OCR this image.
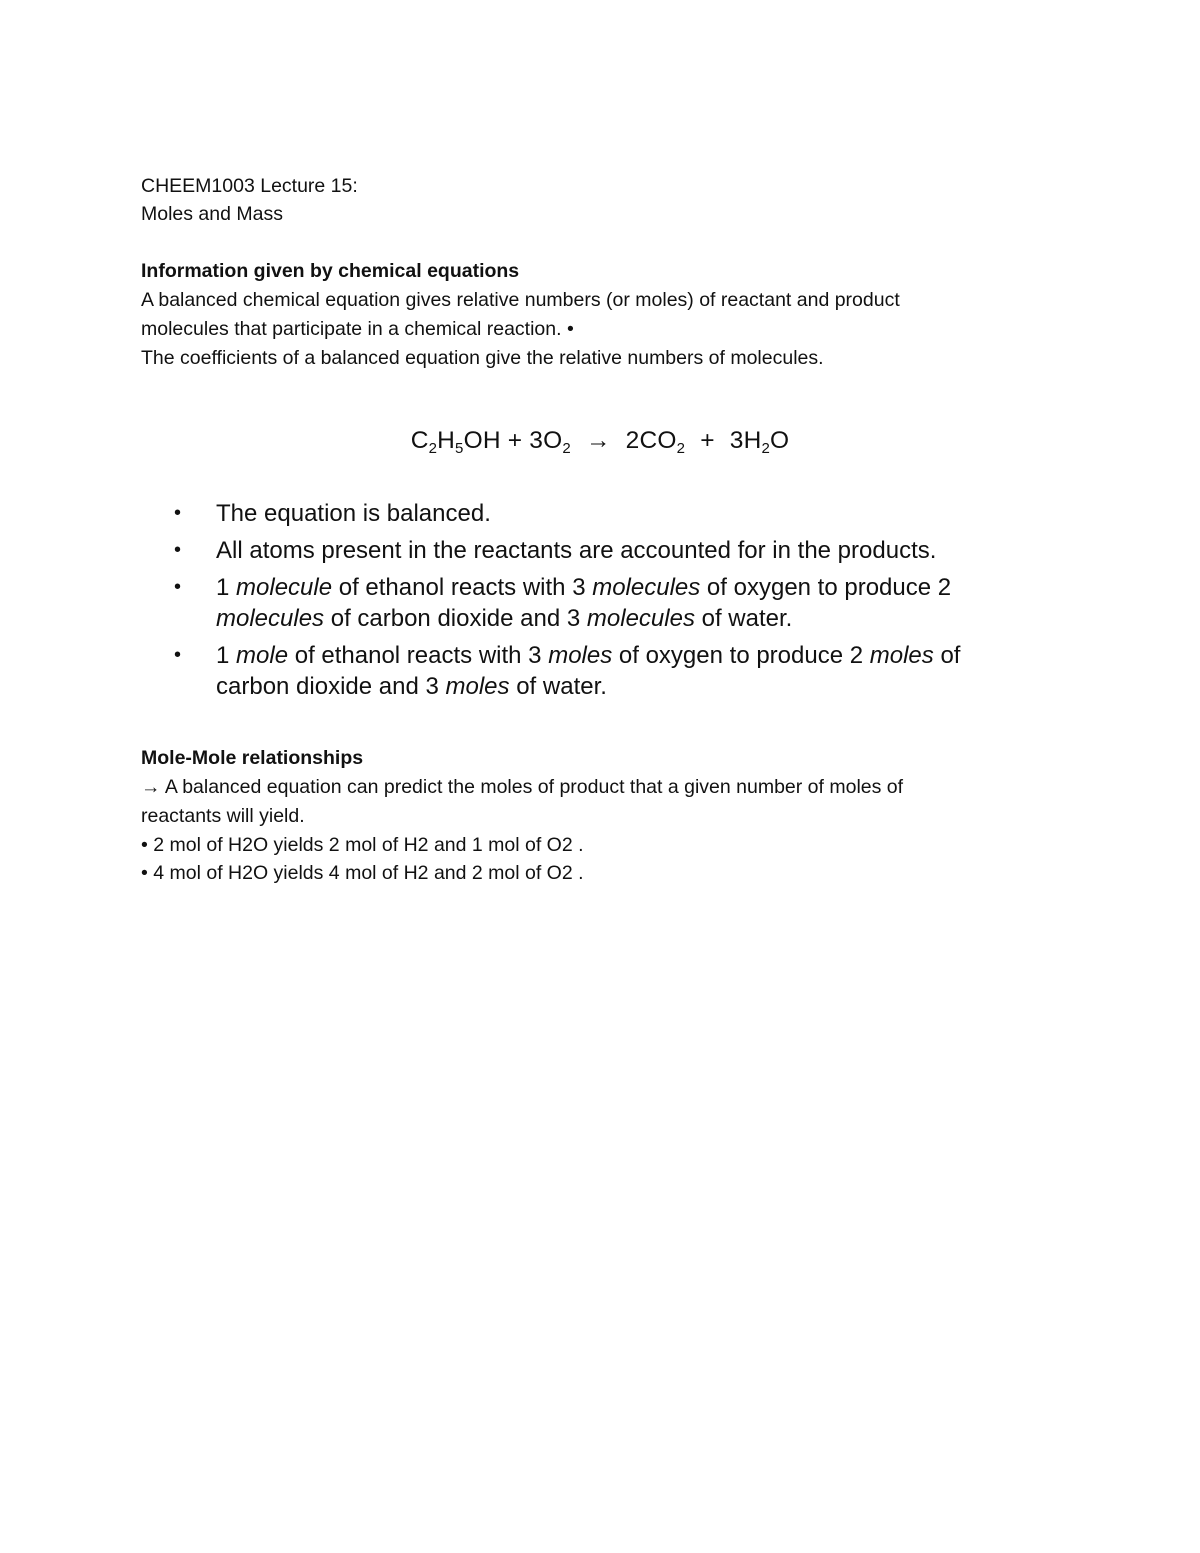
CHEEM1003 Lecture 15:
Moles and Mass
Information given by chemical equations
A balanced chemical equation gives relative numbers (or moles) of reactant and product
molecules that participate in a chemical reaction. •
The coefficients of a balanced equation give the relative numbers of molecules.
$C_2H_5OH + 3O_2 \to 2CO_2 + 3H_2O$
• The equation is balanced.
• All atoms present in the reactants are accounted for in the products.
• 1 molecule of ethanol reacts with 3 molecules of oxygen to produce 2
molecules of carbon dioxide and 3 molecules of water.
• 1 mole of ethanol reacts with 3 moles of oxygen to produce 2 moles of
carbon dioxide and 3 moles of water.
Mole-Mole relationships
→ A balanced equation can predict the moles of product that a given number of moles of
reactants will yield.
• 2 mol of H2O yields 2 mol of H2 and 1 mol of O2 .
• 4 mol of H2O yields 4 mol of H2 and 2 mol of O2 .
